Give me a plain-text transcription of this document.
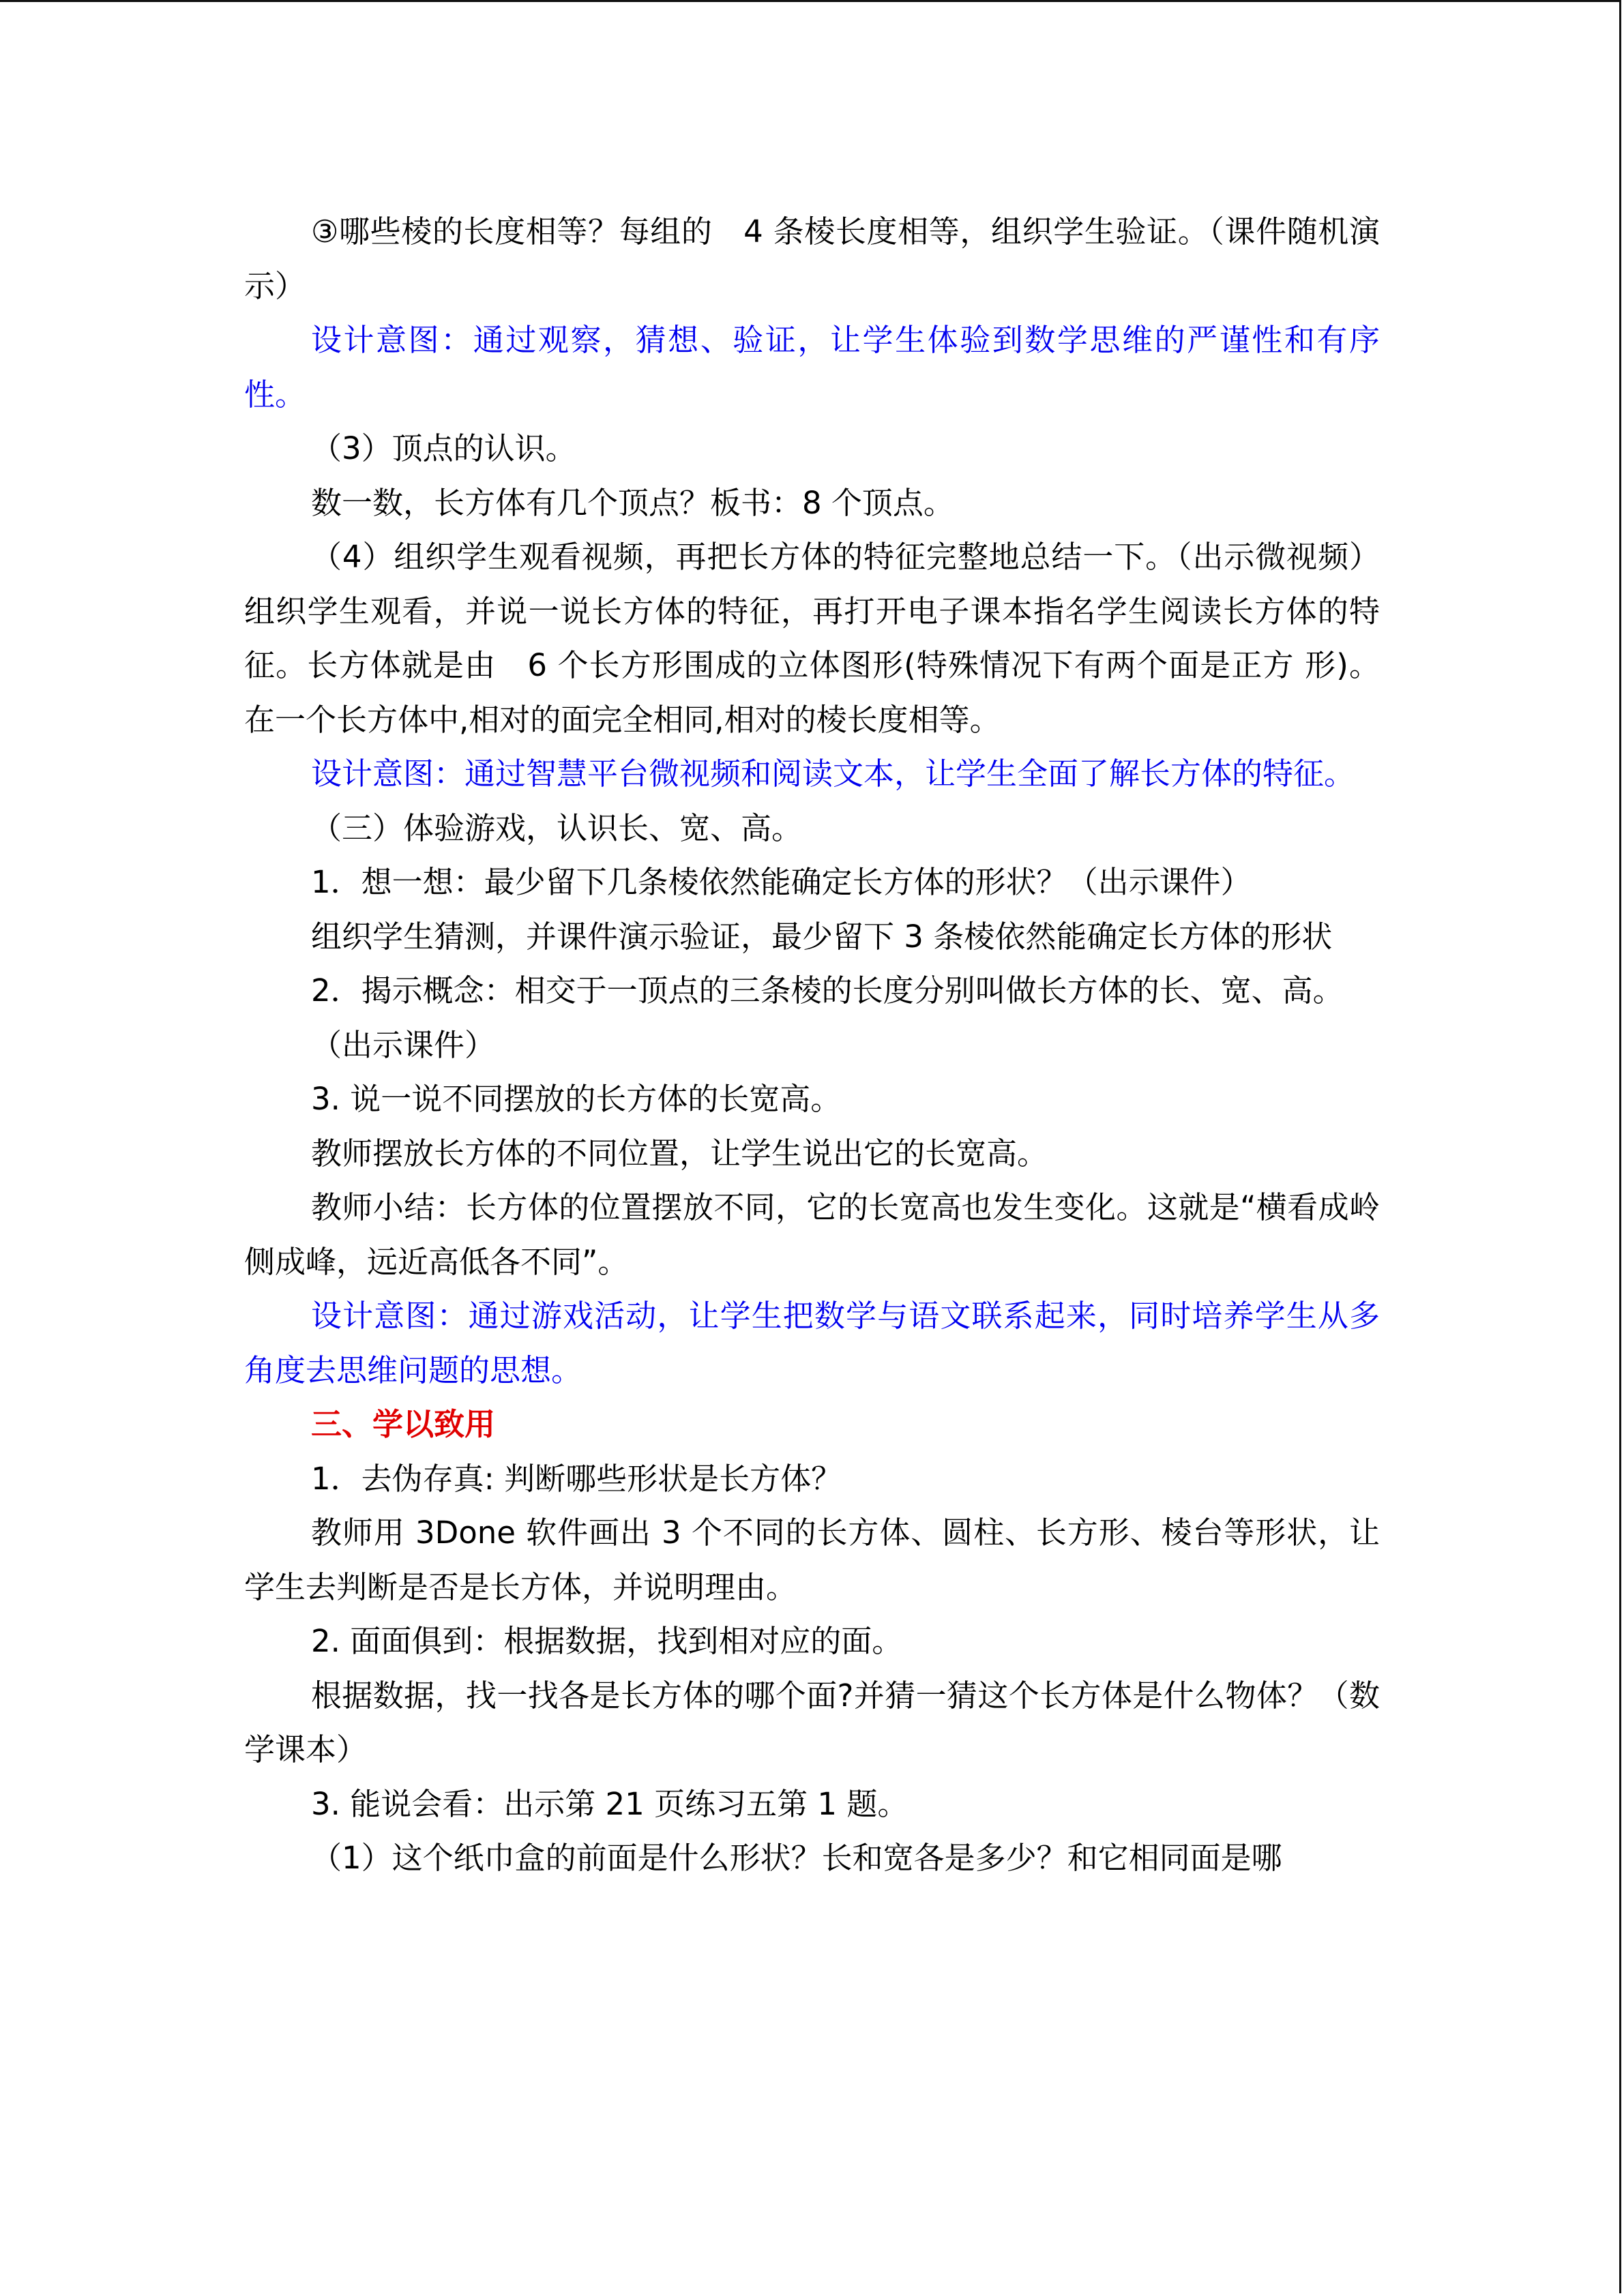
③哪些棱的长度相等？每组的　4 条棱长度相等，组织学生验证。（课件随机演示）

设计意图：通过观察，猜想、验证，让学生体验到数学思维的严谨性和有序性。

（3）顶点的认识。

数一数，长方体有几个顶点？板书：8 个顶点。

（4）组织学生观看视频，再把长方体的特征完整地总结一下。（出示微视频）组织学生观看，并说一说长方体的特征，再打开电子课本指名学生阅读长方体的特征。长方体就是由　6 个长方形围成的立体图形(特殊情况下有两个面是正方 形)。在一个长方体中,相对的面完全相同,相对的棱长度相等。

设计意图：通过智慧平台微视频和阅读文本，让学生全面了解长方体的特征。

（三）体验游戏，认识长、宽、高。

1．想一想：最少留下几条棱依然能确定长方体的形状？（出示课件）

组织学生猜测，并课件演示验证，最少留下 3 条棱依然能确定长方体的形状

2．揭示概念：相交于一顶点的三条棱的长度分别叫做长方体的长、宽、高。

（出示课件）

3. 说一说不同摆放的长方体的长宽高。

教师摆放长方体的不同位置，让学生说出它的长宽高。

教师小结：长方体的位置摆放不同，它的长宽高也发生变化。这就是“横看成岭侧成峰，远近高低各不同”。

设计意图：通过游戏活动，让学生把数学与语文联系起来，同时培养学生从多角度去思维问题的思想。

三、学以致用

1．去伪存真: 判断哪些形状是长方体？

教师用 3Done 软件画出 3 个不同的长方体、圆柱、长方形、棱台等形状，让学生去判断是否是长方体，并说明理由。

2. 面面俱到：根据数据，找到相对应的面。

根据数据，找一找各是长方体的哪个面?并猜一猜这个长方体是什么物体？（数学课本）

3. 能说会看：出示第 21 页练习五第 1 题。

（1）这个纸巾盒的前面是什么形状？长和宽各是多少？和它相同面是哪
